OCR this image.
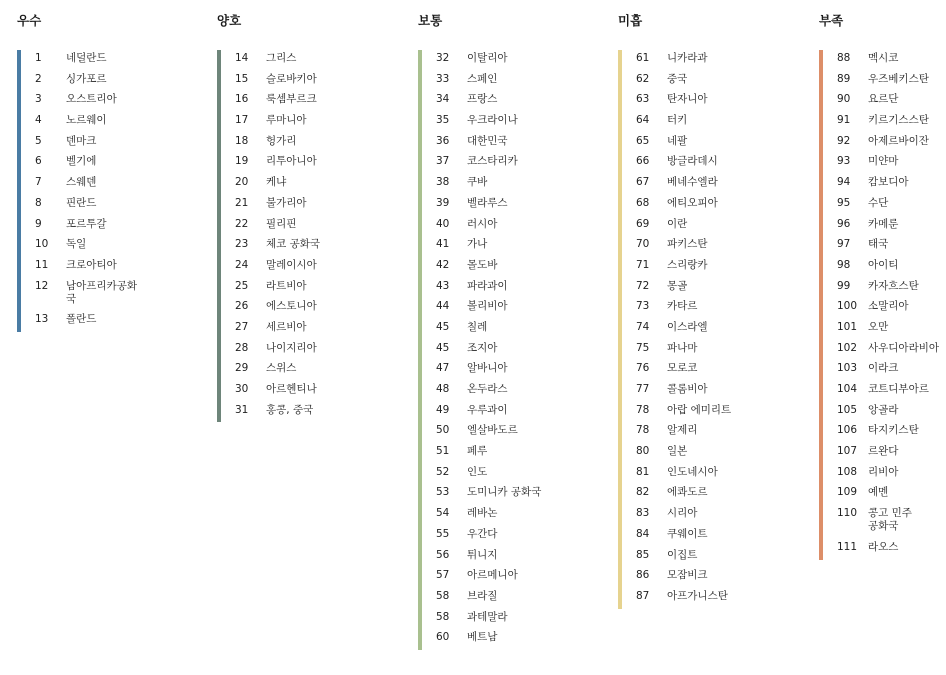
우수
1	네덜란드
2	싱가포르
3	오스트리아
4	노르웨이
5	덴마크
6	벨기에
7	스웨덴
8	핀란드
9	포르투갈
10	독일
11	크로아티아
12	남아프리카공화국
13	폴란드
양호
14	그리스
15	슬로바키아
16	룩셈부르크
17	루마니아
18	헝가리
19	리투아니아
20	케냐
21	불가리아
22	필리핀
23	체코 공화국
24	말레이시아
25	라트비아
26	에스토니아
27	세르비아
28	나이지리아
29	스위스
30	아르헨티나
31	홍콩, 중국
보통
32	이탈리아
33	스페인
34	프랑스
35	우크라이나
36	대한민국
37	코스타리카
38	쿠바
39	벨라루스
40	러시아
41	가나
42	몰도바
43	파라과이
44	볼리비아
45	칠레
45	조지아
47	알바니아
48	온두라스
49	우루과이
50	엘살바도르
51	페루
52	인도
53	도미니카 공화국
54	레바논
55	우간다
56	튀니지
57	아르메니아
58	브라질
58	과테말라
60	베트남
미흡
61	니카라과
62	중국
63	탄자니아
64	터키
65	네팔
66	방글라데시
67	베네수엘라
68	에티오피아
69	이란
70	파키스탄
71	스리랑카
72	몽골
73	카타르
74	이스라엘
75	파나마
76	모로코
77	콜롬비아
78	아랍 에미리트
78	알제리
80	일본
81	인도네시아
82	에콰도르
83	시리아
84	쿠웨이트
85	이집트
86	모잠비크
87	아프가니스탄
부족
88	멕시코
89	우즈베키스탄
90	요르단
91	키르기스스탄
92	아제르바이잔
93	미얀마
94	캄보디아
95	수단
96	카메룬
97	태국
98	아이티
99	카자흐스탄
100	소말리아
101	오만
102	사우디아라비아
103	이라크
104	코트디부아르
105	앙골라
106	타지키스탄
107	르완다
108	리비아
109	예멘
110	콩고 민주 공화국
111	라오스
